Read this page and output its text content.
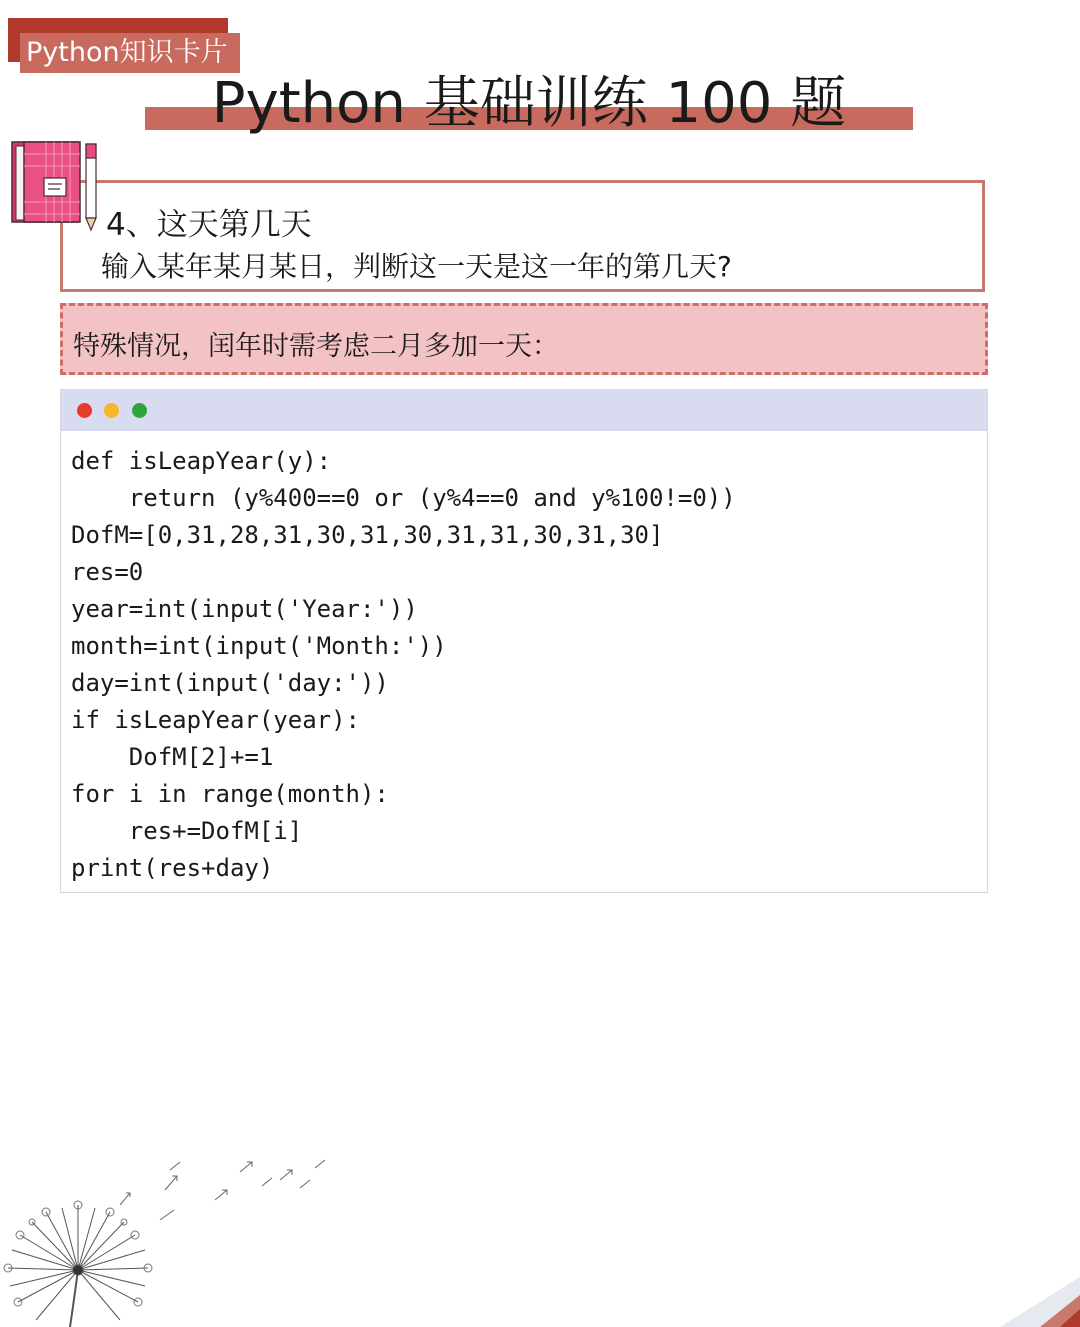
Python知识卡片
Python 基础训练 100 题
4、这天第几天
输入某年某月某日，判断这一天是这一年的第几天?
特殊情况，闰年时需考虑二月多加一天：
def isLeapYear(y):
return (y%400==0 or (y%4==0 and y%100!=0))
DofM=[0,31,28,31,30,31,30,31,31,30,31,30]
res=0
year=int(input('Year:'))
month=int(input('Month:'))
day=int(input('day:'))
if isLeapYear(year):
DofM[2]+=1
for i in range(month):
res+=DofM[i]
print(res+day)
